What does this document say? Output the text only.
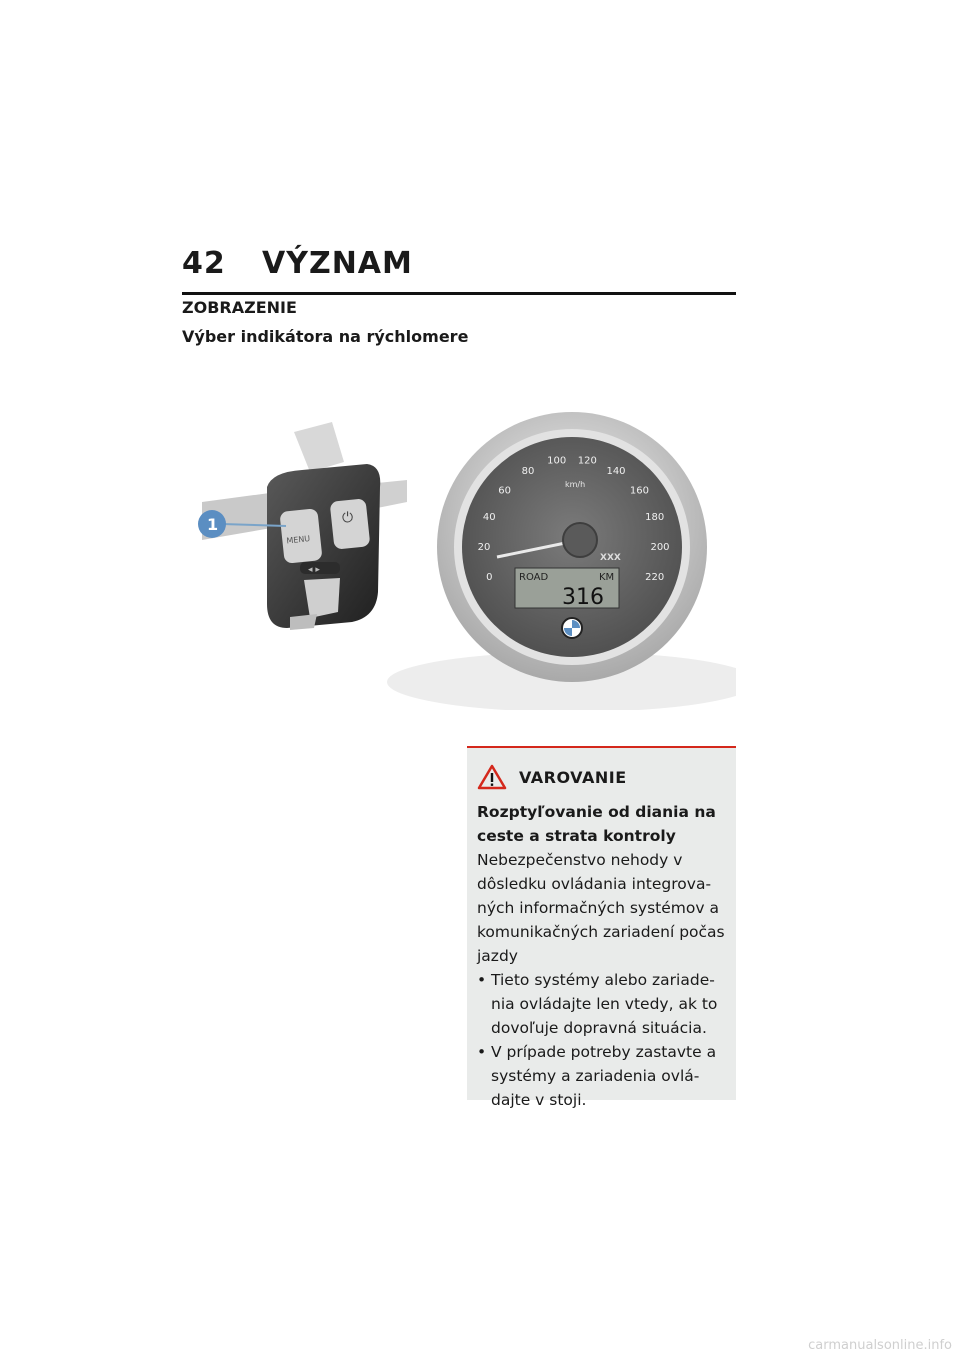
42 VÝZNAM
ZOBRAZENIE
Výber indikátora na rýchlomere
MENU
⏻
◂ ▸
1
0
20
40
60
80
100 120
140
160
180
200
220
km/h
XXX
ROAD	KM
316
VAROVANIE
Rozptyľovanie od diania na ceste a strata kontroly
Nebezpečenstvo nehody v dôsledku ovládania integrova-ných informačných systémov a komunikačných zariadení počas jazdy
• Tieto systémy alebo zariade-nia ovládajte len vtedy, ak to dovoľuje dopravná situácia.
• V prípade potreby zastavte a systémy a zariadenia ovlá-dajte v stoji.
carmanualsonline.info
